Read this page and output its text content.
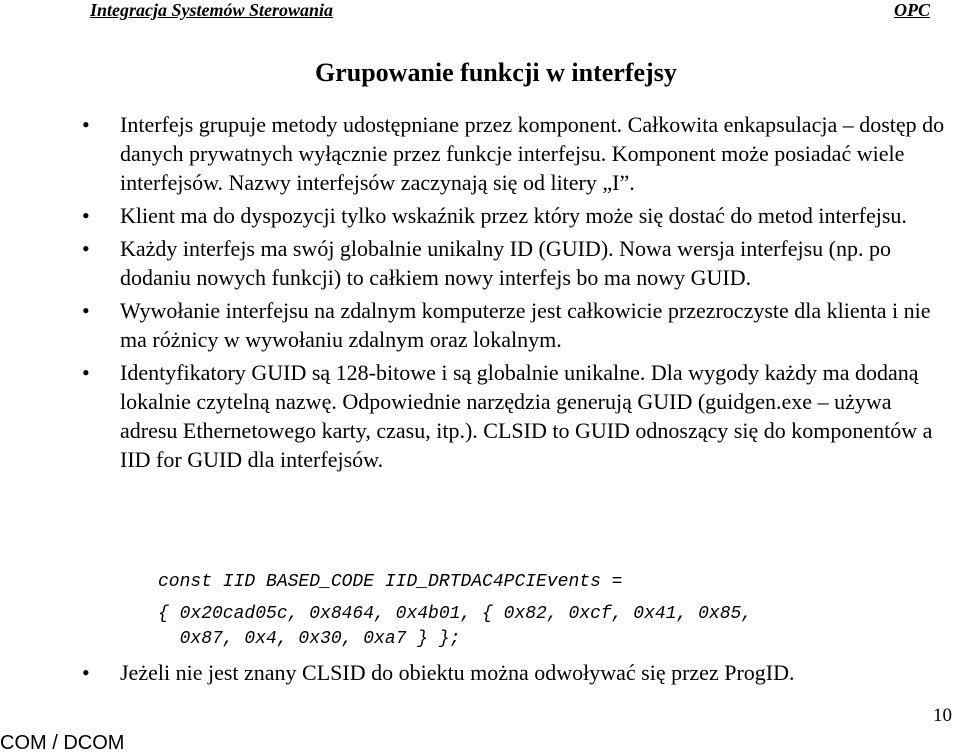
Integracja Systemów Sterowania	OPC
Grupowanie funkcji w interfejsy
• Interfejs grupuje metody udostępniane przez komponent. Całkowita enkapsulacja – dostęp do danych prywatnych wyłącznie przez funkcje interfejsu. Komponent może posiadać wiele interfejsów. Nazwy interfejsów zaczynają się od litery „I”.
• Klient ma do dyspozycji tylko wskaźnik przez który może się dostać do metod interfejsu.
• Każdy interfejs ma swój globalnie unikalny ID (GUID). Nowa wersja interfejsu (np. po dodaniu nowych funkcji) to całkiem nowy interfejs bo ma nowy GUID.
• Wywołanie interfejsu na zdalnym komputerze jest całkowicie przezroczyste dla klienta i nie ma różnicy w wywołaniu zdalnym oraz lokalnym.
• Identyfikatory GUID są 128-bitowe i są globalnie unikalne. Dla wygody każdy ma dodaną lokalnie czytelną nazwę. Odpowiednie narzędzia generują GUID (guidgen.exe – używa adresu Ethernetowego karty, czasu, itp.). CLSID to GUID odnoszący się do komponentów a IID for GUID dla interfejsów.
const IID BASED_CODE IID_DRTDAC4PCIEvents =
{ 0x20cad05c, 0x8464, 0x4b01, { 0x82, 0xcf, 0x41, 0x85,
0x87, 0x4, 0x30, 0xa7 } };
• Jeżeli nie jest znany CLSID do obiektu można odwoływać się przez ProgID.
10
COM / DCOM
